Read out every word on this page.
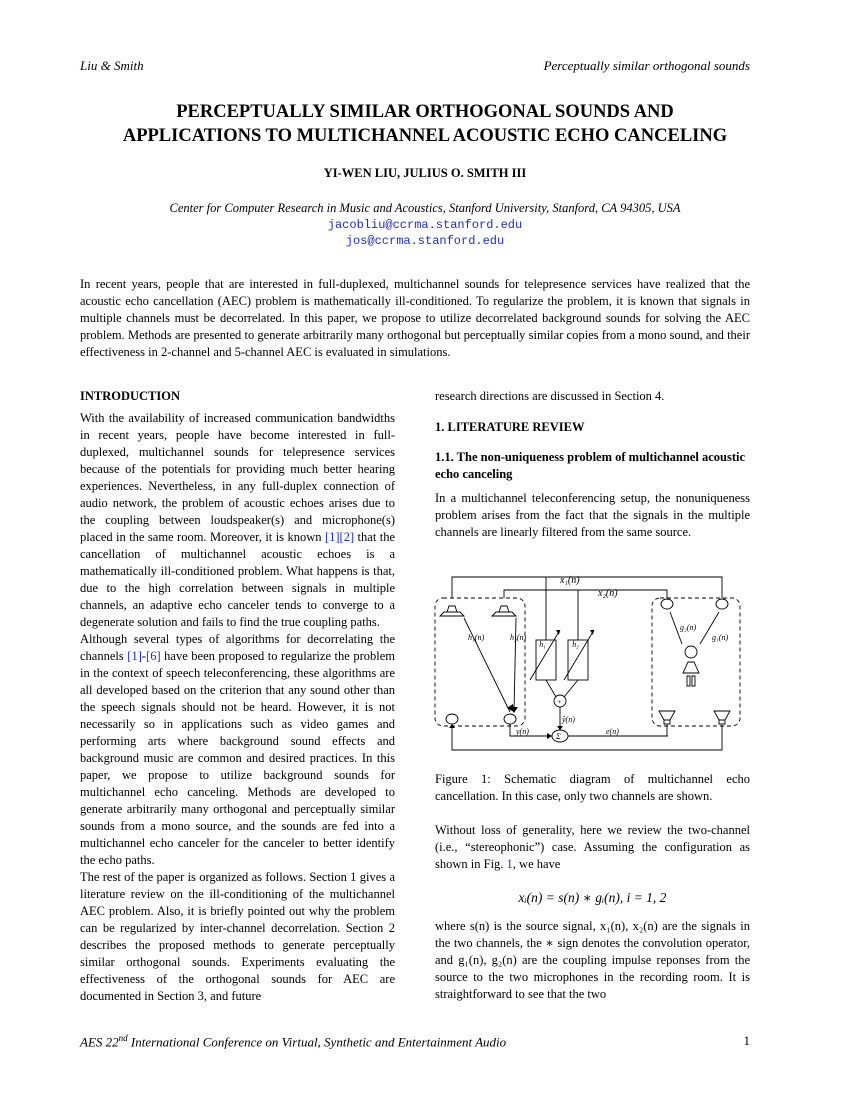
Liu & Smith	Perceptually similar orthogonal sounds
PERCEPTUALLY SIMILAR ORTHOGONAL SOUNDS AND
APPLICATIONS TO MULTICHANNEL ACOUSTIC ECHO CANCELING
YI-WEN LIU, JULIUS O. SMITH III
Center for Computer Research in Music and Acoustics, Stanford University, Stanford, CA 94305, USA
jacobliu@ccrma.stanford.edu
jos@ccrma.stanford.edu
In recent years, people that are interested in full-duplexed, multichannel sounds for telepresence services have realized that the acoustic echo cancellation (AEC) problem is mathematically ill-conditioned. To regularize the problem, it is known that signals in multiple channels must be decorrelated. In this paper, we propose to utilize decorrelated background sounds for solving the AEC problem. Methods are presented to generate arbitrarily many orthogonal but perceptually similar copies from a mono sound, and their effectiveness in 2-channel and 5-channel AEC is evaluated in simulations.

INTRODUCTION

With the availability of increased communication bandwidths in recent years, people have become interested in full-duplexed, multichannel sounds for telepresence services because of the potentials for providing much better hearing experiences. Nevertheless, in any full-duplex connection of audio network, the problem of acoustic echoes arises due to the coupling between loudspeaker(s) and microphone(s) placed in the same room. Moreover, it is known [1][2] that the cancellation of multichannel acoustic echoes is a mathematically ill-conditioned problem. What happens is that, due to the high correlation between signals in multiple channels, an adaptive echo canceler tends to converge to a degenerate solution and fails to find the true coupling paths.

Although several types of algorithms for decorrelating the channels [1]-[6] have been proposed to regularize the problem in the context of speech teleconferencing, these algorithms are all developed based on the criterion that any sound other than the speech signals should not be heard. However, it is not necessarily so in applications such as video games and performing arts where background sound effects and background music are common and desired practices. In this paper, we propose to utilize background sounds for multichannel echo canceling. Methods are developed to generate arbitrarily many orthogonal and perceptually similar sounds from a mono source, and the sounds are fed into a multichannel echo canceler for the canceler to better identify the echo paths.

The rest of the paper is organized as follows. Section 1 gives a literature review on the ill-conditioning of the multichannel AEC problem. Also, it is briefly pointed out why the problem can be regularized by inter-channel decorrelation. Section 2 describes the proposed methods to generate perceptually similar orthogonal sounds. Experiments evaluating the effectiveness of the orthogonal sounds for AEC are documented in Section 3, and future

research directions are discussed in Section 4.

1. LITERATURE REVIEW

1.1. The non-uniqueness problem of multichannel acoustic echo canceling

In a multichannel teleconferencing setup, the nonuniqueness problem arises from the fact that the signals in the multiple channels are linearly filtered from the same source.

x₁(n)
x₂(n)
h₁(n)	h₂(n)
ĥ₁	ĥ₂
g₂(n)
g₁(n)
+
ŷ(n)
y(n)
Σ
e(n)

Figure 1: Schematic diagram of multichannel echo cancellation. In this case, only two channels are shown.

Without loss of generality, here we review the two-channel (i.e., “stereophonic”) case. Assuming the configuration as shown in Fig. 1, we have

xᵢ(n) = s(n) ∗ gᵢ(n), i = 1, 2

where s(n) is the source signal, x₁(n), x₂(n) are the signals in the two channels, the ∗ sign denotes the convolution operator, and g₁(n), g₂(n) are the coupling impulse reponses from the source to the two microphones in the recording room. It is straightforward to see that the two

AES 22nd International Conference on Virtual, Synthetic and Entertainment Audio	1
